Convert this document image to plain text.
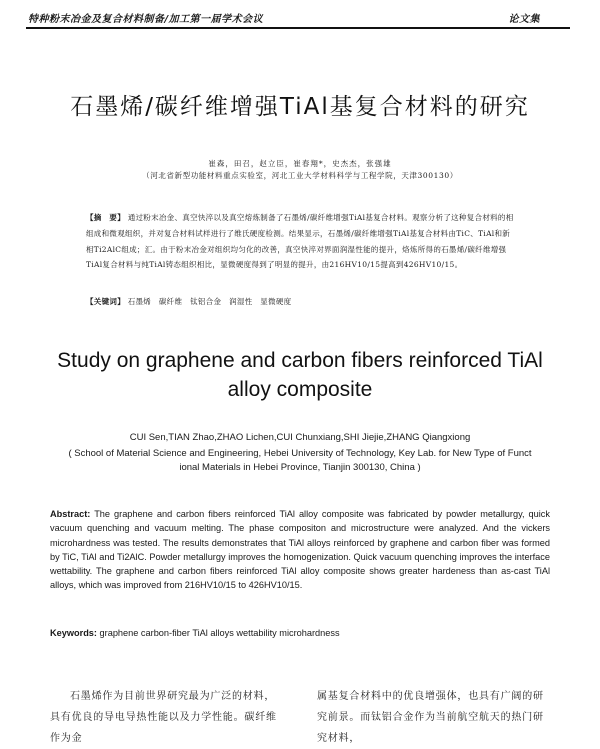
特种粉末冶金及复合材料制备/加工第一届学术会议	论文集
石墨烯/碳纤维增强TiAl基复合材料的研究
崔森，田召，赵立臣，崔春翔*，史杰杰，张强雄
（河北省新型功能材料重点实验室，河北工业大学材料科学与工程学院，天津300130）
【摘　要】 通过粉末冶金、真空快淬以及真空熔炼制备了石墨烯/碳纤维增强TiAl基复合材料。观察分析了这种复合材料的相组成和微观组织，并对复合材料试样进行了维氏硬度检测。结果显示，石墨烯/碳纤维增强TiAl基复合材料由TiC、TiAl和新相Ti2AlC组成；汇。由于粉末冶金对组织均匀化的改善，真空快淬对界面润湿性能的提升，烙炼所得的石墨烯/碳纤维增强TiAl复合材料与纯TiAl铸态组织相比，显微硬度得到了明显的提升，由216HV10/15提高到426HV10/15。
【关键词】 石墨烯　碳纤维　钛铝合金　润湿性　显微硬度
Study on graphene and carbon fibers reinforced TiAl
alloy composite
CUI Sen,TIAN Zhao,ZHAO Lichen,CUI Chunxiang,SHI Jiejie,ZHANG Qiangxiong
( School of Material Science and Engineering, Hebei University of Technology, Key Lab. for New Type of Funct
ional Materials in Hebei Province, Tianjin 300130, China )
Abstract: The graphene and carbon fibers reinforced TiAl alloy composite was fabricated by powder metallurgy, quick vacuum quenching and vacuum melting. The phase compositon and microstructure were analyzed. And the vickers microhardness was tested. The results demonstrates that TiAl alloys reinforced by graphene and carbon fiber was formed by TiC, TiAl and Ti2AlC. Powder metallurgy improves the homogenization. Quick vacuum quenching improves the interface wettability. The graphene and carbon fibers reinforced TiAl alloy composite shows greater hardeness than as-cast TiAl alloys, which was improved from 216HV10/15 to 426HV10/15.
Keywords: graphene carbon-fiber TiAl alloys wettability microhardness
石墨烯作为目前世界研究最为广泛的材料，具有优良的导电导热性能以及力学性能。碳纤维作为金
属基复合材料中的优良增强体，也具有广阔的研究前景。而钛铝合金作为当前航空航天的热门研究材料，
